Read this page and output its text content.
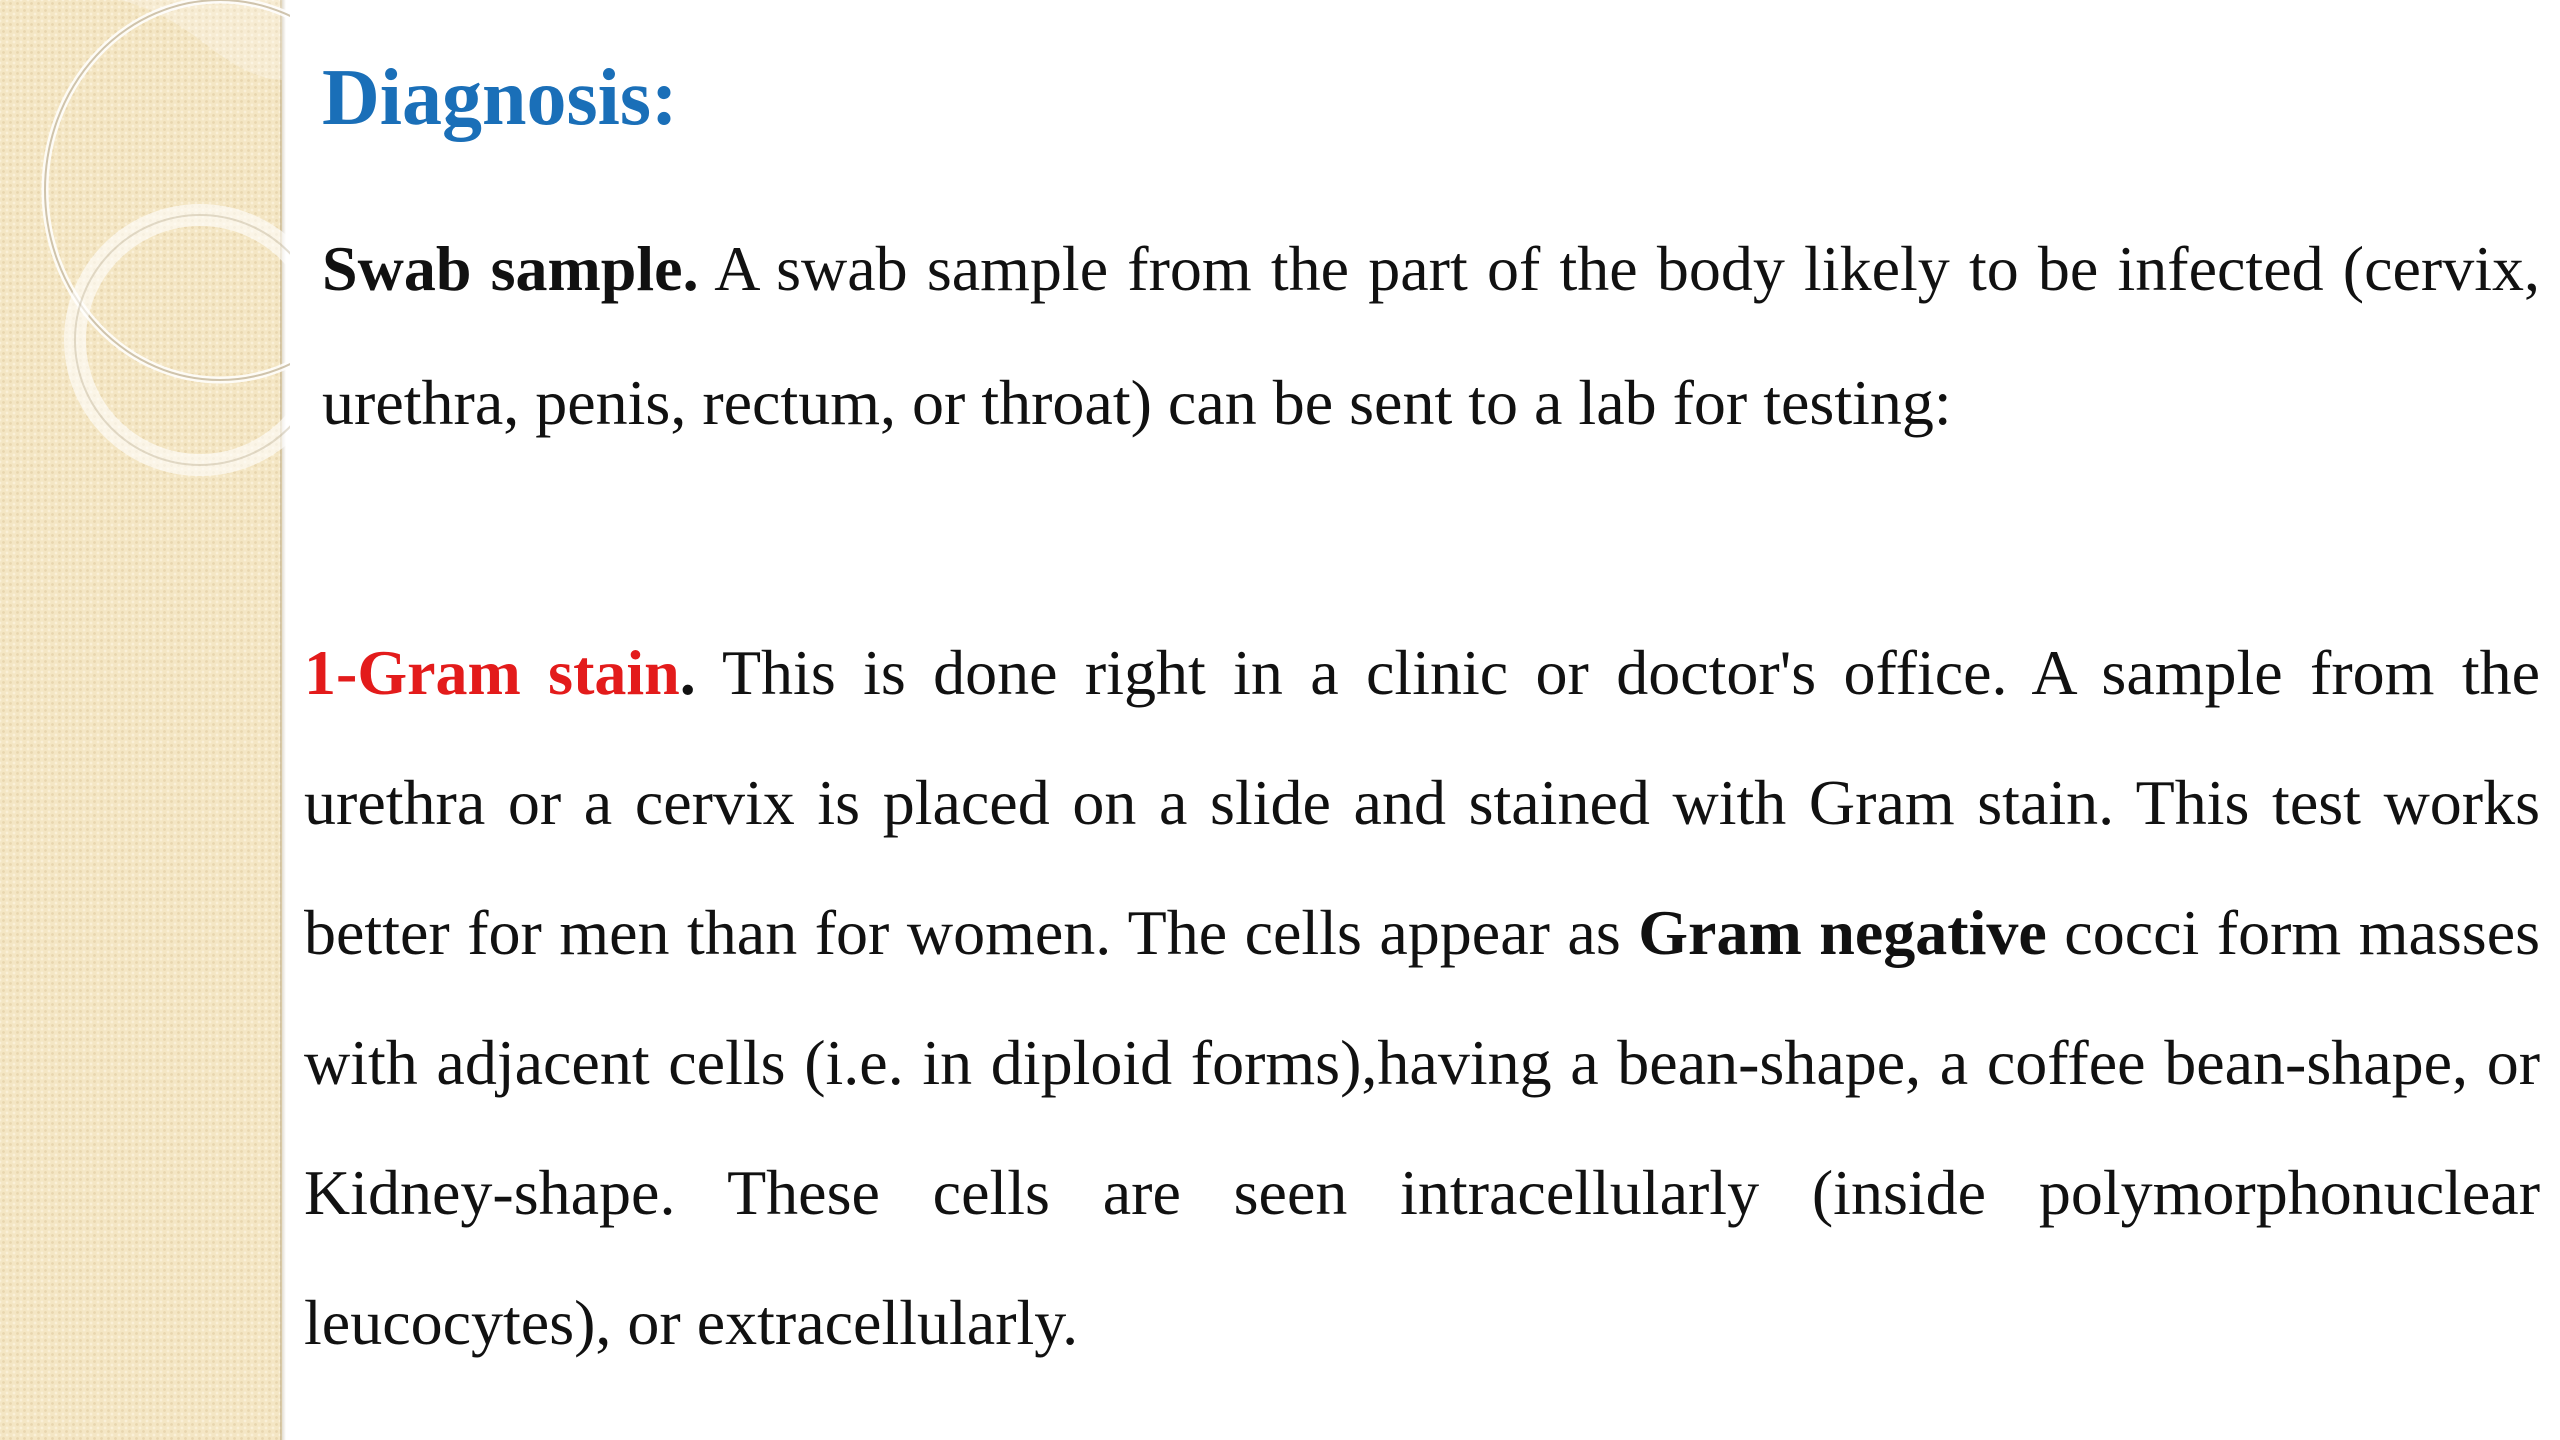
Diagnosis:

Swab sample. A swab sample from the part of the body likely to be infected (cervix, urethra, penis, rectum, or throat) can be sent to a lab for testing:

1-Gram stain. This is done right in a clinic or doctor's office. A sample from the urethra or a cervix is placed on a slide and stained with Gram stain. This test works better for men than for women. The cells appear as Gram negative cocci form masses with adjacent cells (i.e. in diploid forms),having a bean-shape, a coffee bean-shape, or Kidney-shape. These cells are seen intracellularly (inside polymorphonuclear leucocytes), or extracellularly.
